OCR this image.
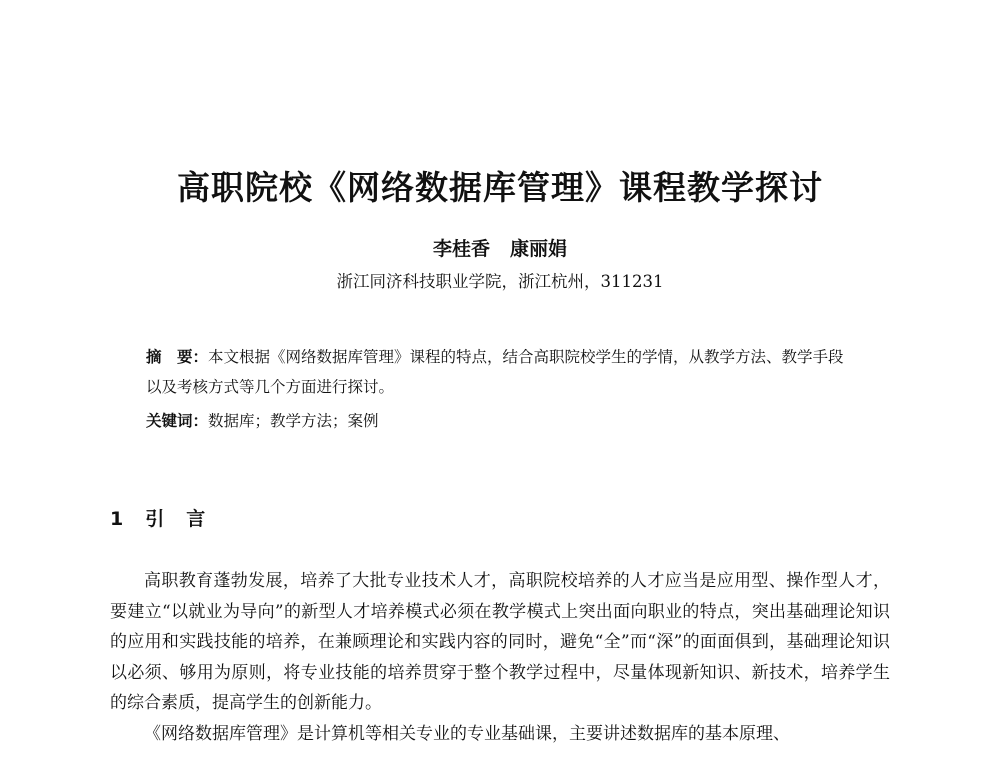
高职院校《网络数据库管理》课程教学探讨
李桂香 康丽娟
浙江同济科技职业学院，浙江杭州，311231
摘　要：本文根据《网络数据库管理》课程的特点，结合高职院校学生的学情，从教学方法、教学手段以及考核方式等几个方面进行探讨。
关键词：数据库；教学方法；案例
1 引言

高职教育蓬勃发展，培养了大批专业技术人才，高职院校培养的人才应当是应用型、操作型人才，要建立“以就业为导向”的新型人才培养模式必须在教学模式上突出面向职业的特点，突出基础理论知识的应用和实践技能的培养，在兼顾理论和实践内容的同时，避免“全”而“深”的面面俱到，基础理论知识以必须、够用为原则，将专业技能的培养贯穿于整个教学过程中，尽量体现新知识、新技术，培养学生的综合素质，提高学生的创新能力。

《网络数据库管理》是计算机等相关专业的专业基础课，主要讲述数据库的基本原理、
